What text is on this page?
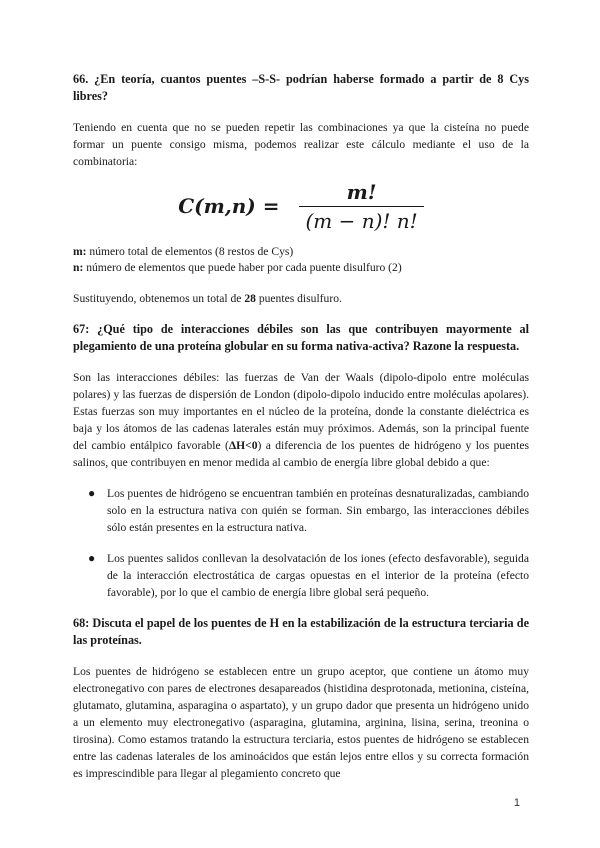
66. ¿En teoría, cuantos puentes –S-S- podrían haberse formado a partir de 8 Cys libres?

Teniendo en cuenta que no se pueden repetir las combinaciones ya que la cisteína no puede formar un puente consigo misma, podemos realizar este cálculo mediante el uso de la combinatoria:

$C(m,n) = \frac{m!}{(m - n)! n!}$

m: número total de elementos (8 restos de Cys)

n: número de elementos que puede haber por cada puente disulfuro (2)

Sustituyendo, obtenemos un total de 28 puentes disulfuro.

67: ¿Qué tipo de interacciones débiles son las que contribuyen mayormente al plegamiento de una proteína globular en su forma nativa-activa? Razone la respuesta.

Son las interacciones débiles: las fuerzas de Van der Waals (dipolo-dipolo entre moléculas polares) y las fuerzas de dispersión de London (dipolo-dipolo inducido entre moléculas apolares). Estas fuerzas son muy importantes en el núcleo de la proteína, donde la constante dieléctrica es baja y los átomos de las cadenas laterales están muy próximos. Además, son la principal fuente del cambio entálpico favorable (ΔH<0) a diferencia de los puentes de hidrógeno y los puentes salinos, que contribuyen en menor medida al cambio de energía libre global debido a que:

● Los puentes de hidrógeno se encuentran también en proteínas desnaturalizadas, cambiando solo en la estructura nativa con quién se forman. Sin embargo, las interacciones débiles sólo están presentes en la estructura nativa.

● Los puentes salidos conllevan la desolvatación de los iones (efecto desfavorable), seguida de la interacción electrostática de cargas opuestas en el interior de la proteína (efecto favorable), por lo que el cambio de energía libre global será pequeño.

68: Discuta el papel de los puentes de H en la estabilización de la estructura terciaria de las proteínas.

Los puentes de hidrógeno se establecen entre un grupo aceptor, que contiene un átomo muy electronegativo con pares de electrones desapareados (histidina desprotonada, metionina, cisteína, glutamato, glutamina, asparagina o aspartato), y un grupo dador que presenta un hidrógeno unido a un elemento muy electronegativo (asparagina, glutamina, arginina, lisina, serina, treonina o tirosina). Como estamos tratando la estructura terciaria, estos puentes de hidrógeno se establecen entre las cadenas laterales de los aminoácidos que están lejos entre ellos y su correcta formación es imprescindible para llegar al plegamiento concreto que

1
